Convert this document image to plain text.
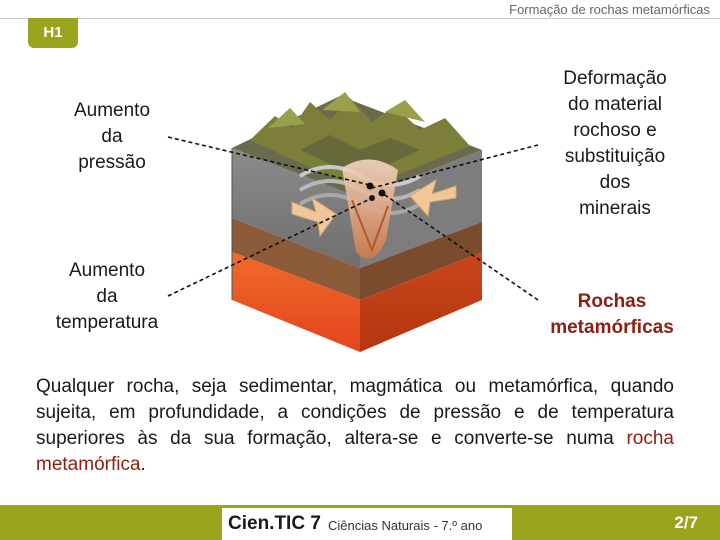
Formação de rochas metamórficas
H1
Aumento
da
pressão
Aumento
da
temperatura
Deformação
do material
rochoso e
substituição
dos
minerais
Rochas
metamórficas
Qualquer rocha, seja sedimentar, magmática ou metamórfica, quando sujeita, em profundidade, a condições de pressão e de temperatura superiores às da sua formação, altera-se e converte-se numa rocha metamórfica.
Cien.TIC 7 Ciências Naturais - 7.º ano	2/7
